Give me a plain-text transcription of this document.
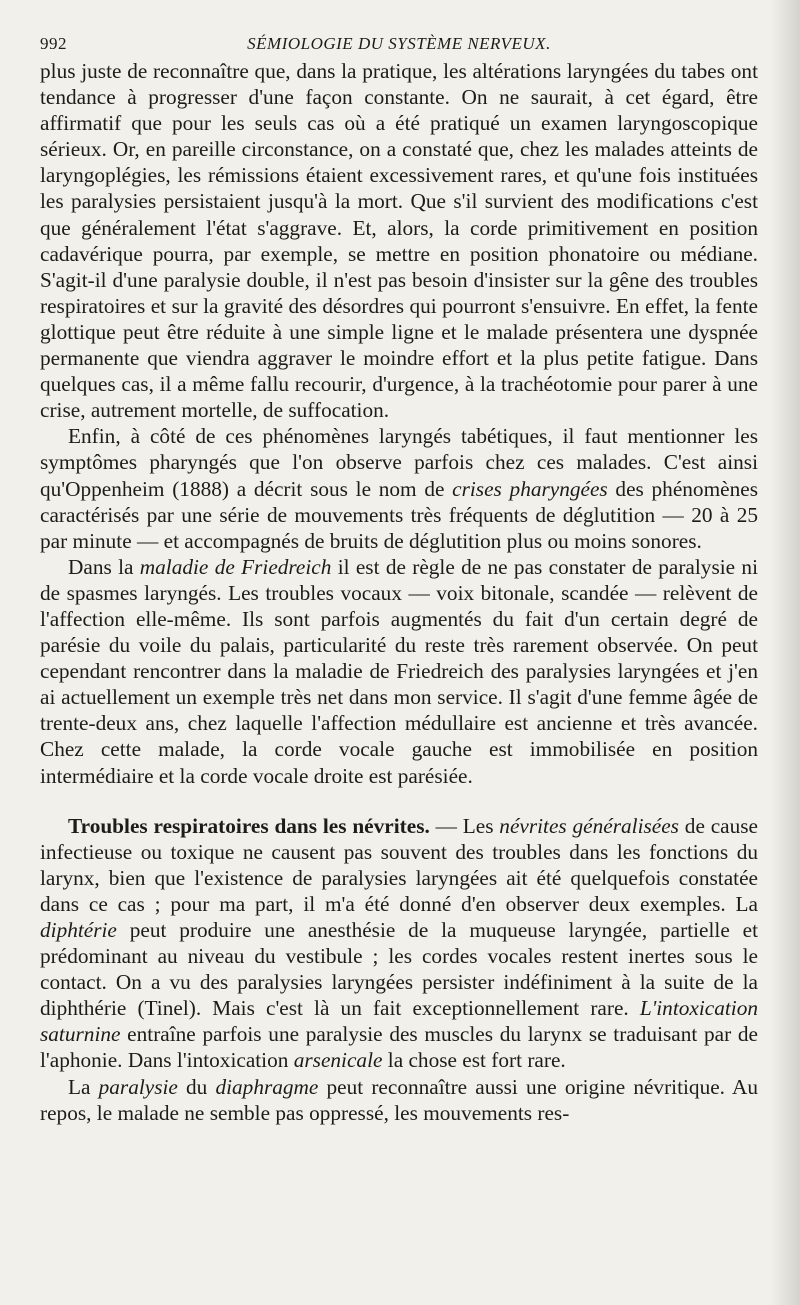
992	SÉMIOLOGIE DU SYSTÈME NERVEUX.

plus juste de reconnaître que, dans la pratique, les altérations laryngées du tabes ont tendance à progresser d'une façon constante. On ne saurait, à cet égard, être affirmatif que pour les seuls cas où a été pratiqué un examen laryngoscopique sérieux. Or, en pareille circonstance, on a constaté que, chez les malades atteints de laryngoplégies, les rémissions étaient excessivement rares, et qu'une fois instituées les paralysies persistaient jusqu'à la mort. Que s'il survient des modifications c'est que généralement l'état s'aggrave. Et, alors, la corde primitivement en position cadavérique pourra, par exemple, se mettre en position phonatoire ou médiane. S'agit-il d'une paralysie double, il n'est pas besoin d'insister sur la gêne des troubles respiratoires et sur la gravité des désordres qui pourront s'ensuivre. En effet, la fente glottique peut être réduite à une simple ligne et le malade présentera une dyspnée permanente que viendra aggraver le moindre effort et la plus petite fatigue. Dans quelques cas, il a même fallu recourir, d'urgence, à la trachéotomie pour parer à une crise, autrement mortelle, de suffocation.

Enfin, à côté de ces phénomènes laryngés tabétiques, il faut mentionner les symptômes pharyngés que l'on observe parfois chez ces malades. C'est ainsi qu'Oppenheim (1888) a décrit sous le nom de crises pharyngées des phénomènes caractérisés par une série de mouvements très fréquents de déglutition — 20 à 25 par minute — et accompagnés de bruits de déglutition plus ou moins sonores.

Dans la maladie de Friedreich il est de règle de ne pas constater de paralysie ni de spasmes laryngés. Les troubles vocaux — voix bitonale, scandée — relèvent de l'affection elle-même. Ils sont parfois augmentés du fait d'un certain degré de parésie du voile du palais, particularité du reste très rarement observée. On peut cependant rencontrer dans la maladie de Friedreich des paralysies laryngées et j'en ai actuellement un exemple très net dans mon service. Il s'agit d'une femme âgée de trente-deux ans, chez laquelle l'affection médullaire est ancienne et très avancée. Chez cette malade, la corde vocale gauche est immobilisée en position intermédiaire et la corde vocale droite est parésiée.

Troubles respiratoires dans les névrites. — Les névrites généralisées de cause infectieuse ou toxique ne causent pas souvent des troubles dans les fonctions du larynx, bien que l'existence de paralysies laryngées ait été quelquefois constatée dans ce cas ; pour ma part, il m'a été donné d'en observer deux exemples. La diphtérie peut produire une anesthésie de la muqueuse laryngée, partielle et prédominant au niveau du vestibule ; les cordes vocales restent inertes sous le contact. On a vu des paralysies laryngées persister indéfiniment à la suite de la diphthérie (Tinel). Mais c'est là un fait exceptionnellement rare. L'intoxication saturnine entraîne parfois une paralysie des muscles du larynx se traduisant par de l'aphonie. Dans l'intoxication arsenicale la chose est fort rare.

La paralysie du diaphragme peut reconnaître aussi une origine névritique. Au repos, le malade ne semble pas oppressé, les mouvements res-
